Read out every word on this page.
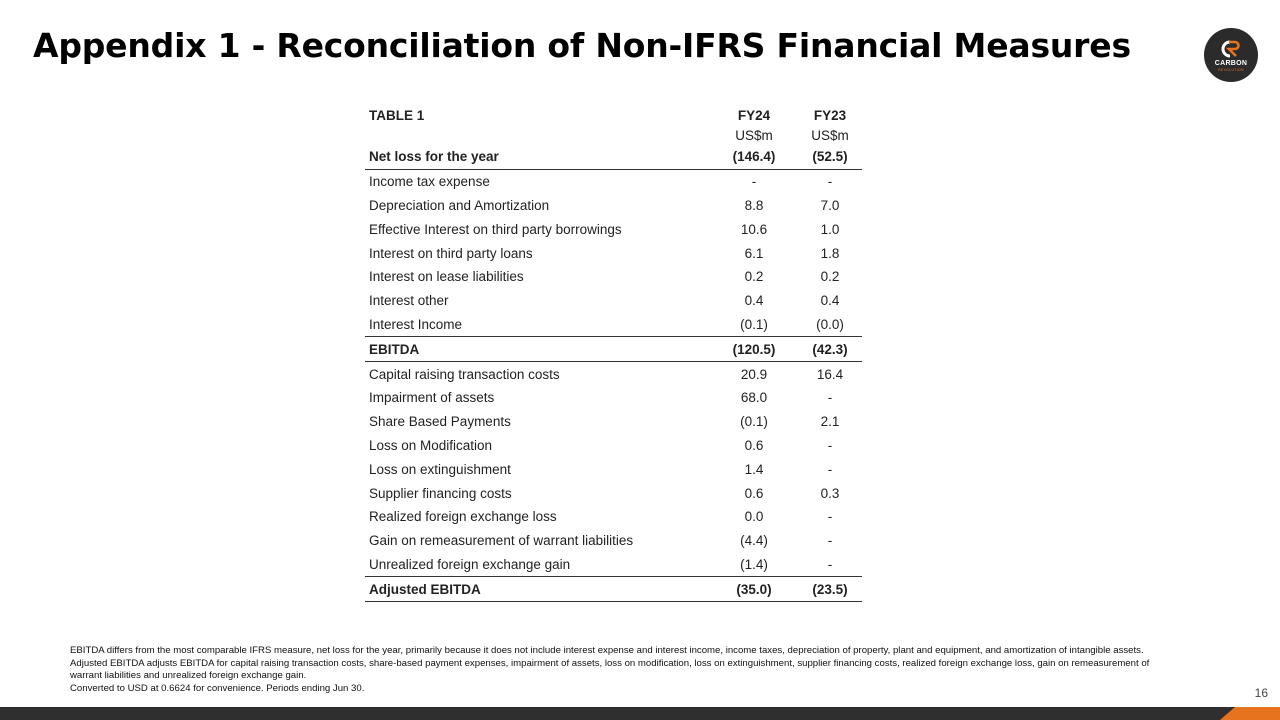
Appendix 1 - Reconciliation of Non-IFRS Financial Measures	CARBON
REVOLUTION
TABLE 1	FY24	FY23
US$m	US$m
Net loss for the year	(146.4)	(52.5)
Income tax expense	-	-
Depreciation and Amortization	8.8	7.0
Effective Interest on third party borrowings	10.6	1.0
Interest on third party loans	6.1	1.8
Interest on lease liabilities	0.2	0.2
Interest other	0.4	0.4
Interest Income	(0.1)	(0.0)
EBITDA	(120.5)	(42.3)
Capital raising transaction costs	20.9	16.4
Impairment of assets	68.0	-
Share Based Payments	(0.1)	2.1
Loss on Modification	0.6	-
Loss on extinguishment	1.4	-
Supplier financing costs	0.6	0.3
Realized foreign exchange loss	0.0	-
Gain on remeasurement of warrant liabilities	(4.4)	-
Unrealized foreign exchange gain	(1.4)	-
Adjusted EBITDA	(35.0)	(23.5)

EBITDA differs from the most comparable IFRS measure, net loss for the year, primarily because it does not include interest expense and interest income, income taxes, depreciation of property, plant and equipment, and amortization of intangible assets. Adjusted EBITDA adjusts EBITDA for capital raising transaction costs, share-based payment expenses, impairment of assets, loss on modification, loss on extinguishment, supplier financing costs, realized foreign exchange loss, gain on remeasurement of warrant liabilities and unrealized foreign exchange gain.

Converted to USD at 0.6624 for convenience. Periods ending Jun 30.	16
